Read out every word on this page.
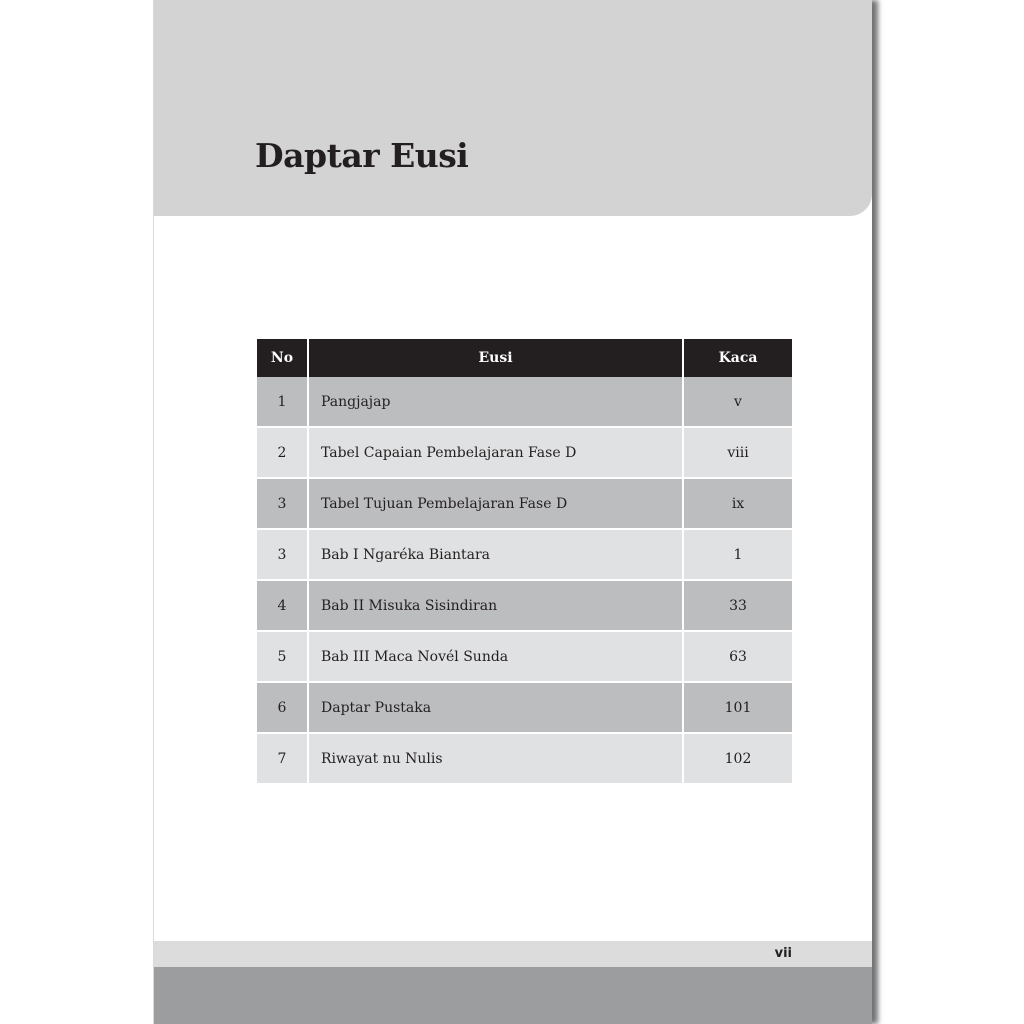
Daptar Eusi
No	Eusi	Kaca
1	Pangjajap	v
2	Tabel Capaian Pembelajaran Fase D	viii
3	Tabel Tujuan Pembelajaran Fase D	ix
3	Bab I Ngaréka Biantara	1
4	Bab II Misuka Sisindiran	33
5	Bab III Maca Novél Sunda	63
6	Daptar Pustaka	101
7	Riwayat nu Nulis	102
vii
